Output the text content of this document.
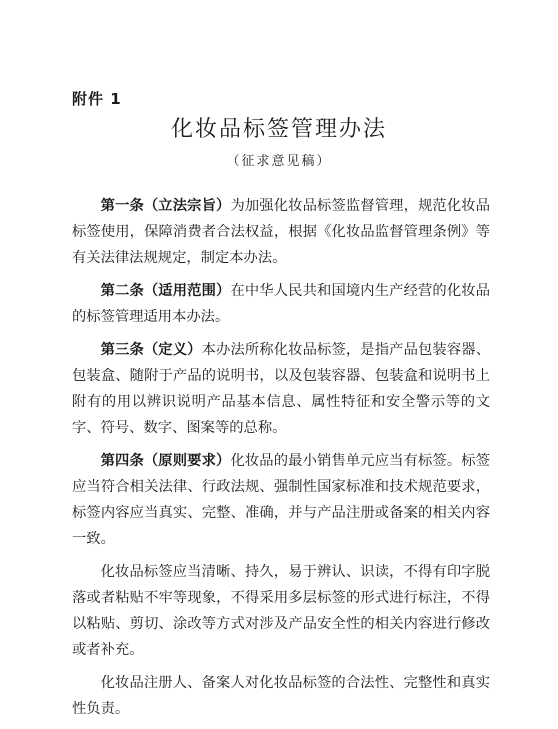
附件 1
化妆品标签管理办法
（征求意见稿）

第一条（立法宗旨）为加强化妆品标签监督管理，规范化妆品标签使用，保障消费者合法权益，根据《化妆品监督管理条例》等有关法律法规规定，制定本办法。

第二条（适用范围）在中华人民共和国境内生产经营的化妆品的标签管理适用本办法。

第三条（定义）本办法所称化妆品标签，是指产品包装容器、包装盒、随附于产品的说明书，以及包装容器、包装盒和说明书上附有的用以辨识说明产品基本信息、属性特征和安全警示等的文字、符号、数字、图案等的总称。

第四条（原则要求）化妆品的最小销售单元应当有标签。标签应当符合相关法律、行政法规、强制性国家标准和技术规范要求，标签内容应当真实、完整、准确，并与产品注册或备案的相关内容一致。

化妆品标签应当清晰、持久，易于辨认、识读，不得有印字脱落或者粘贴不牢等现象，不得采用多层标签的形式进行标注，不得以粘贴、剪切、涂改等方式对涉及产品安全性的相关内容进行修改或者补充。

化妆品注册人、备案人对化妆品标签的合法性、完整性和真实性负责。
